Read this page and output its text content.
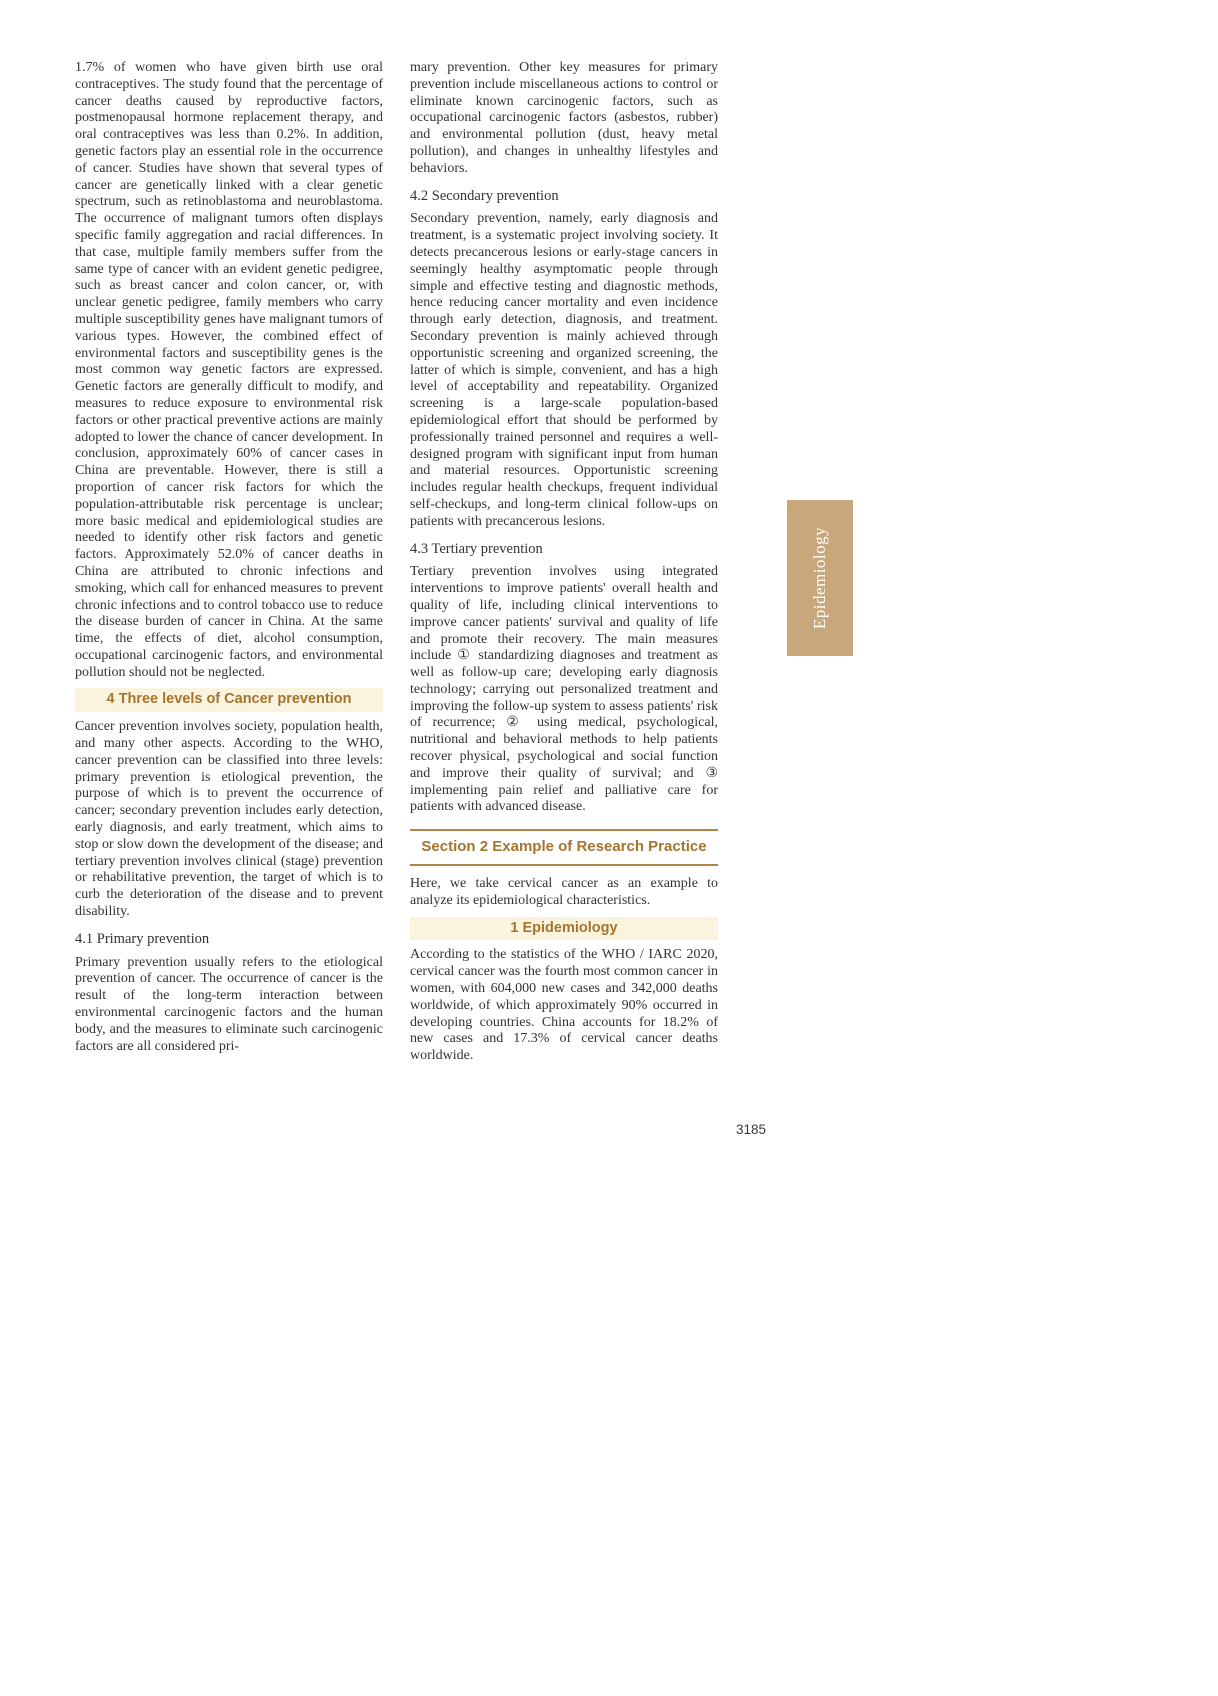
1.7% of women who have given birth use oral contraceptives. The study found that the percentage of cancer deaths caused by reproductive factors, postmenopausal hormone replacement therapy, and oral contraceptives was less than 0.2%. In addition, genetic factors play an essential role in the occurrence of cancer. Studies have shown that several types of cancer are genetically linked with a clear genetic spectrum, such as retinoblastoma and neuroblastoma. The occurrence of malignant tumors often displays specific family aggregation and racial differences. In that case, multiple family members suffer from the same type of cancer with an evident genetic pedigree, such as breast cancer and colon cancer, or, with unclear genetic pedigree, family members who carry multiple susceptibility genes have malignant tumors of various types. However, the combined effect of environmental factors and susceptibility genes is the most common way genetic factors are expressed. Genetic factors are generally difficult to modify, and measures to reduce exposure to environmental risk factors or other practical preventive actions are mainly adopted to lower the chance of cancer development. In conclusion, approximately 60% of cancer cases in China are preventable. However, there is still a proportion of cancer risk factors for which the population-attributable risk percentage is unclear; more basic medical and epidemiological studies are needed to identify other risk factors and genetic factors. Approximately 52.0% of cancer deaths in China are attributed to chronic infections and smoking, which call for enhanced measures to prevent chronic infections and to control tobacco use to reduce the disease burden of cancer in China. At the same time, the effects of diet, alcohol consumption, occupational carcinogenic factors, and environmental pollution should not be neglected.

4 Three levels of Cancer prevention

Cancer prevention involves society, population health, and many other aspects. According to the WHO, cancer prevention can be classified into three levels: primary prevention is etiological prevention, the purpose of which is to prevent the occurrence of cancer; secondary prevention includes early detection, early diagnosis, and early treatment, which aims to stop or slow down the development of the disease; and tertiary prevention involves clinical (stage) prevention or rehabilitative prevention, the target of which is to curb the deterioration of the disease and to prevent disability.

4.1 Primary prevention

Primary prevention usually refers to the etiological prevention of cancer. The occurrence of cancer is the result of the long-term interaction between environmental carcinogenic factors and the human body, and the measures to eliminate such carcinogenic factors are all considered pri-

mary prevention. Other key measures for primary prevention include miscellaneous actions to control or eliminate known carcinogenic factors, such as occupational carcinogenic factors (asbestos, rubber) and environmental pollution (dust, heavy metal pollution), and changes in unhealthy lifestyles and behaviors.

4.2 Secondary prevention

Secondary prevention, namely, early diagnosis and treatment, is a systematic project involving society. It detects precancerous lesions or early-stage cancers in seemingly healthy asymptomatic people through simple and effective testing and diagnostic methods, hence reducing cancer mortality and even incidence through early detection, diagnosis, and treatment. Secondary prevention is mainly achieved through opportunistic screening and organized screening, the latter of which is simple, convenient, and has a high level of acceptability and repeatability. Organized screening is a large-scale population-based epidemiological effort that should be performed by professionally trained personnel and requires a well-designed program with significant input from human and material resources. Opportunistic screening includes regular health checkups, frequent individual self-checkups, and long-term clinical follow-ups on patients with precancerous lesions.

4.3 Tertiary prevention

Tertiary prevention involves using integrated interventions to improve patients' overall health and quality of life, including clinical interventions to improve cancer patients' survival and quality of life and promote their recovery. The main measures include ① standardizing diagnoses and treatment as well as follow-up care; developing early diagnosis technology; carrying out personalized treatment and improving the follow-up system to assess patients' risk of recurrence; ② using medical, psychological, nutritional and behavioral methods to help patients recover physical, psychological and social function and improve their quality of survival; and ③ implementing pain relief and palliative care for patients with advanced disease.

Section 2 Example of Research Practice

Here, we take cervical cancer as an example to analyze its epidemiological characteristics.

1 Epidemiology

According to the statistics of the WHO / IARC 2020, cervical cancer was the fourth most common cancer in women, with 604,000 new cases and 342,000 deaths worldwide, of which approximately 90% occurred in developing countries. China accounts for 18.2% of new cases and 17.3% of cervical cancer deaths worldwide.

3185
Epidemiology
